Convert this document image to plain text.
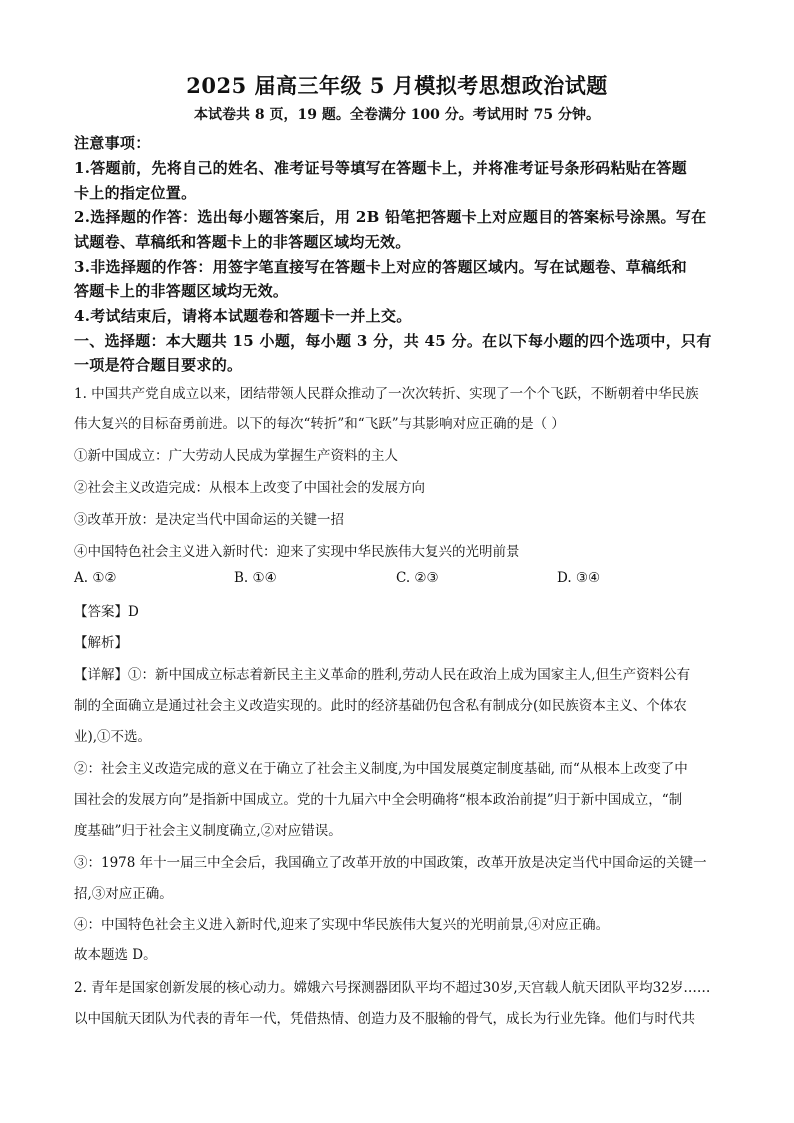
2025 届高三年级 5 月模拟考思想政治试题
本试卷共 8 页，19 题。全卷满分 100 分。考试用时 75 分钟。
注意事项：
1.答题前，先将自己的姓名、准考证号等填写在答题卡上，并将准考证号条形码粘贴在答题
卡上的指定位置。
2.选择题的作答：选出每小题答案后，用 2B 铅笔把答题卡上对应题目的答案标号涂黑。写在
试题卷、草稿纸和答题卡上的非答题区域均无效。
3.非选择题的作答：用签字笔直接写在答题卡上对应的答题区域内。写在试题卷、草稿纸和
答题卡上的非答题区域均无效。
4.考试结束后，请将本试题卷和答题卡一并上交。
一、选择题：本大题共 15 小题，每小题 3 分，共 45 分。在以下每小题的四个选项中，只有
一项是符合题目要求的。
1. 中国共产党自成立以来，团结带领人民群众推动了一次次转折、实现了一个个飞跃，不断朝着中华民族
伟大复兴的目标奋勇前进。以下的每次“转折”和“飞跃”与其影响对应正确的是（ ）
①新中国成立：广大劳动人民成为掌握生产资料的主人
②社会主义改造完成：从根本上改变了中国社会的发展方向
③改革开放：是决定当代中国命运的关键一招
④中国特色社会主义进入新时代：迎来了实现中华民族伟大复兴的光明前景
A. ①②	B. ①④	C. ②③	D. ③④
【答案】D
【解析】
【详解】①：新中国成立标志着新民主主义革命的胜利,劳动人民在政治上成为国家主人,但生产资料公有
制的全面确立是通过社会主义改造实现的。此时的经济基础仍包含私有制成分(如民族资本主义、个体农
业),①不选。
②：社会主义改造完成的意义在于确立了社会主义制度,为中国发展奠定制度基础, 而“从根本上改变了中
国社会的发展方向”是指新中国成立。党的十九届六中全会明确将“根本政治前提”归于新中国成立，“制
度基础”归于社会主义制度确立,②对应错误。
③：1978 年十一届三中全会后，我国确立了改革开放的中国政策，改革开放是决定当代中国命运的关键一
招,③对应正确。
④：中国特色社会主义进入新时代,迎来了实现中华民族伟大复兴的光明前景,④对应正确。
故本题选 D。
2. 青年是国家创新发展的核心动力。嫦娥六号探测器团队平均不超过30岁,天宫载人航天团队平均32岁……
以中国航天团队为代表的青年一代，凭借热情、创造力及不服输的骨气，成长为行业先锋。他们与时代共
